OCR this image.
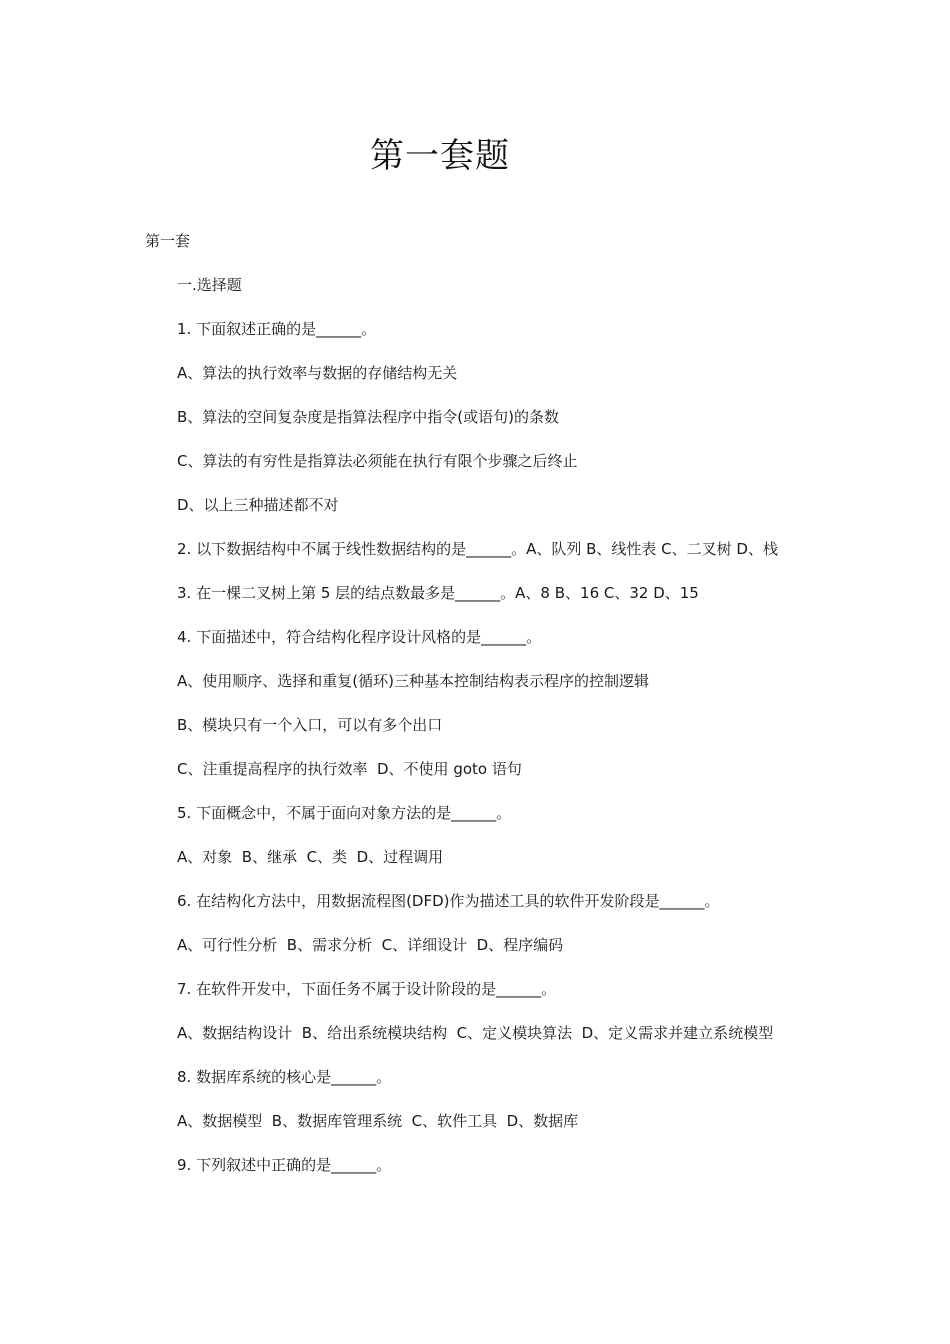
第一套题

第一套

一.选择题

1. 下面叙述正确的是______。

A、算法的执行效率与数据的存储结构无关

B、算法的空间复杂度是指算法程序中指令(或语句)的条数

C、算法的有穷性是指算法必须能在执行有限个步骤之后终止

D、以上三种描述都不对

2. 以下数据结构中不属于线性数据结构的是______。A、队列 B、线性表 C、二叉树 D、栈

3. 在一棵二叉树上第 5 层的结点数最多是______。A、8 B、16 C、32 D、15

4. 下面描述中，符合结构化程序设计风格的是______。

A、使用顺序、选择和重复(循环)三种基本控制结构表示程序的控制逻辑

B、模块只有一个入口，可以有多个出口

C、注重提高程序的执行效率  D、不使用 goto 语句

5. 下面概念中，不属于面向对象方法的是______。

A、对象  B、继承  C、类  D、过程调用

6. 在结构化方法中，用数据流程图(DFD)作为描述工具的软件开发阶段是______。

A、可行性分析  B、需求分析  C、详细设计  D、程序编码

7. 在软件开发中，下面任务不属于设计阶段的是______。

A、数据结构设计  B、给出系统模块结构  C、定义模块算法  D、定义需求并建立系统模型

8. 数据库系统的核心是______。

A、数据模型  B、数据库管理系统  C、软件工具  D、数据库

9. 下列叙述中正确的是______。
